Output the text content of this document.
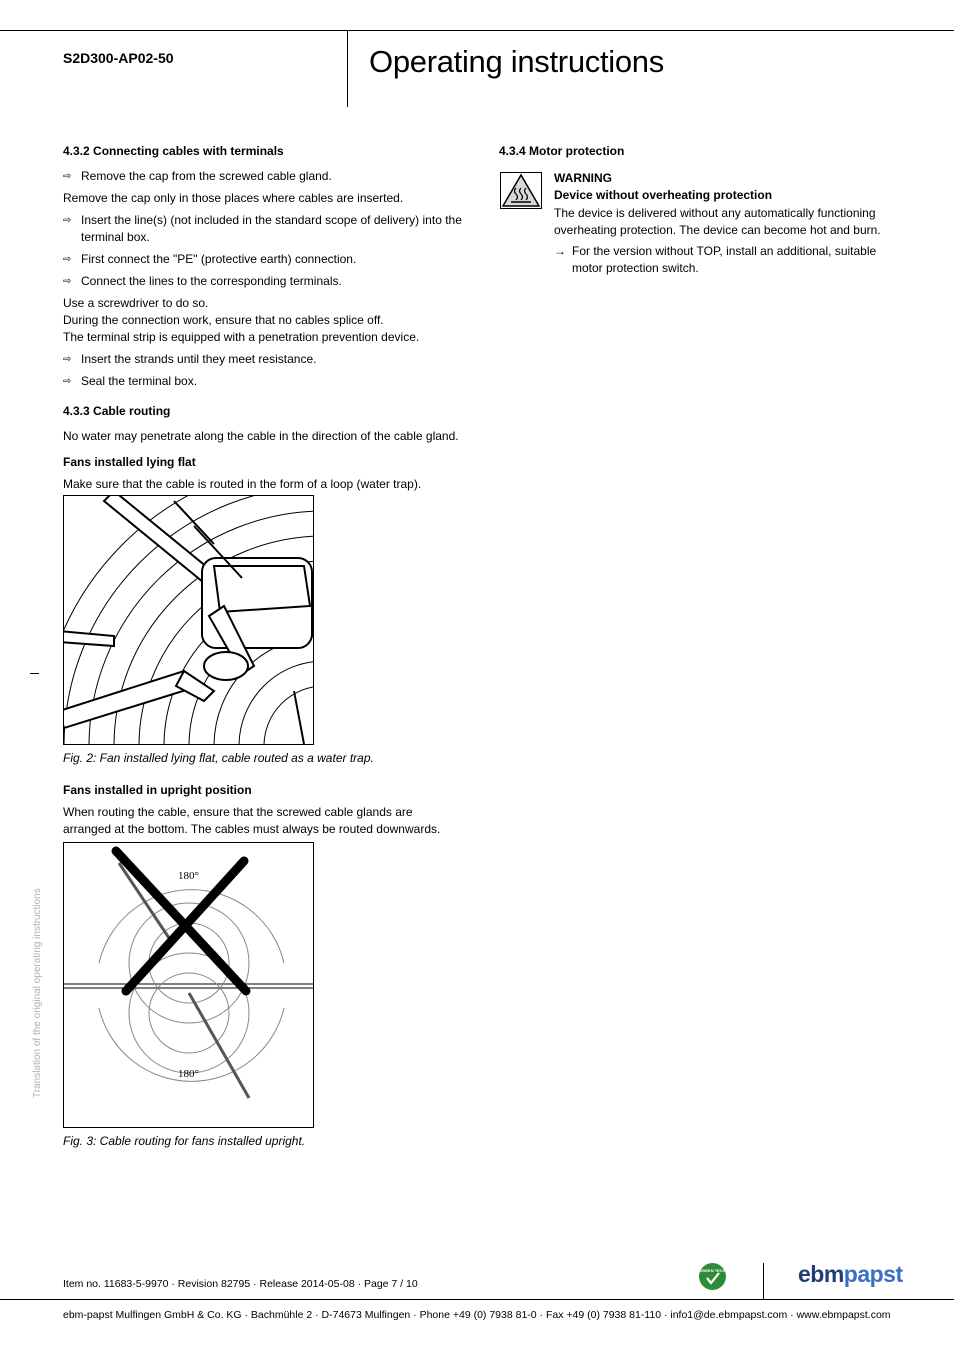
S2D300-AP02-50	Operating instructions
4.3.2 Connecting cables with terminals
⇨ Remove the cap from the screwed cable gland.
Remove the cap only in those places where cables are inserted.
⇨ Insert the line(s) (not included in the standard scope of delivery) into the terminal box.
⇨ First connect the "PE" (protective earth) connection.
⇨ Connect the lines to the corresponding terminals.
Use a screwdriver to do so.
During the connection work, ensure that no cables splice off.
The terminal strip is equipped with a penetration prevention device.
⇨ Insert the strands until they meet resistance.
⇨ Seal the terminal box.
4.3.3 Cable routing
No water may penetrate along the cable in the direction of the cable gland.
Fans installed lying flat
Make sure that the cable is routed in the form of a loop (water trap).
Fig. 2: Fan installed lying flat, cable routed as a water trap.
Fans installed in upright position
When routing the cable, ensure that the screwed cable glands are arranged at the bottom. The cables must always be routed downwards.
180°
180°
Fig. 3: Cable routing for fans installed upright.
4.3.4 Motor protection
WARNING
Device without overheating protection
The device is delivered without any automatically functioning overheating protection. The device can become hot and burn.
→ For the version without TOP, install an additional, suitable motor protection switch.
Translation of the original operating instructions
Item no. 11683-5-9970 · Revision 82795 · Release 2014-05-08 · Page 7 / 10
GREEN TECH	ebmpapst
ebm-papst Mulfingen GmbH & Co. KG · Bachmühle 2 · D-74673 Mulfingen · Phone +49 (0) 7938 81-0 · Fax +49 (0) 7938 81-110 · info1@de.ebmpapst.com · www.ebmpapst.com
